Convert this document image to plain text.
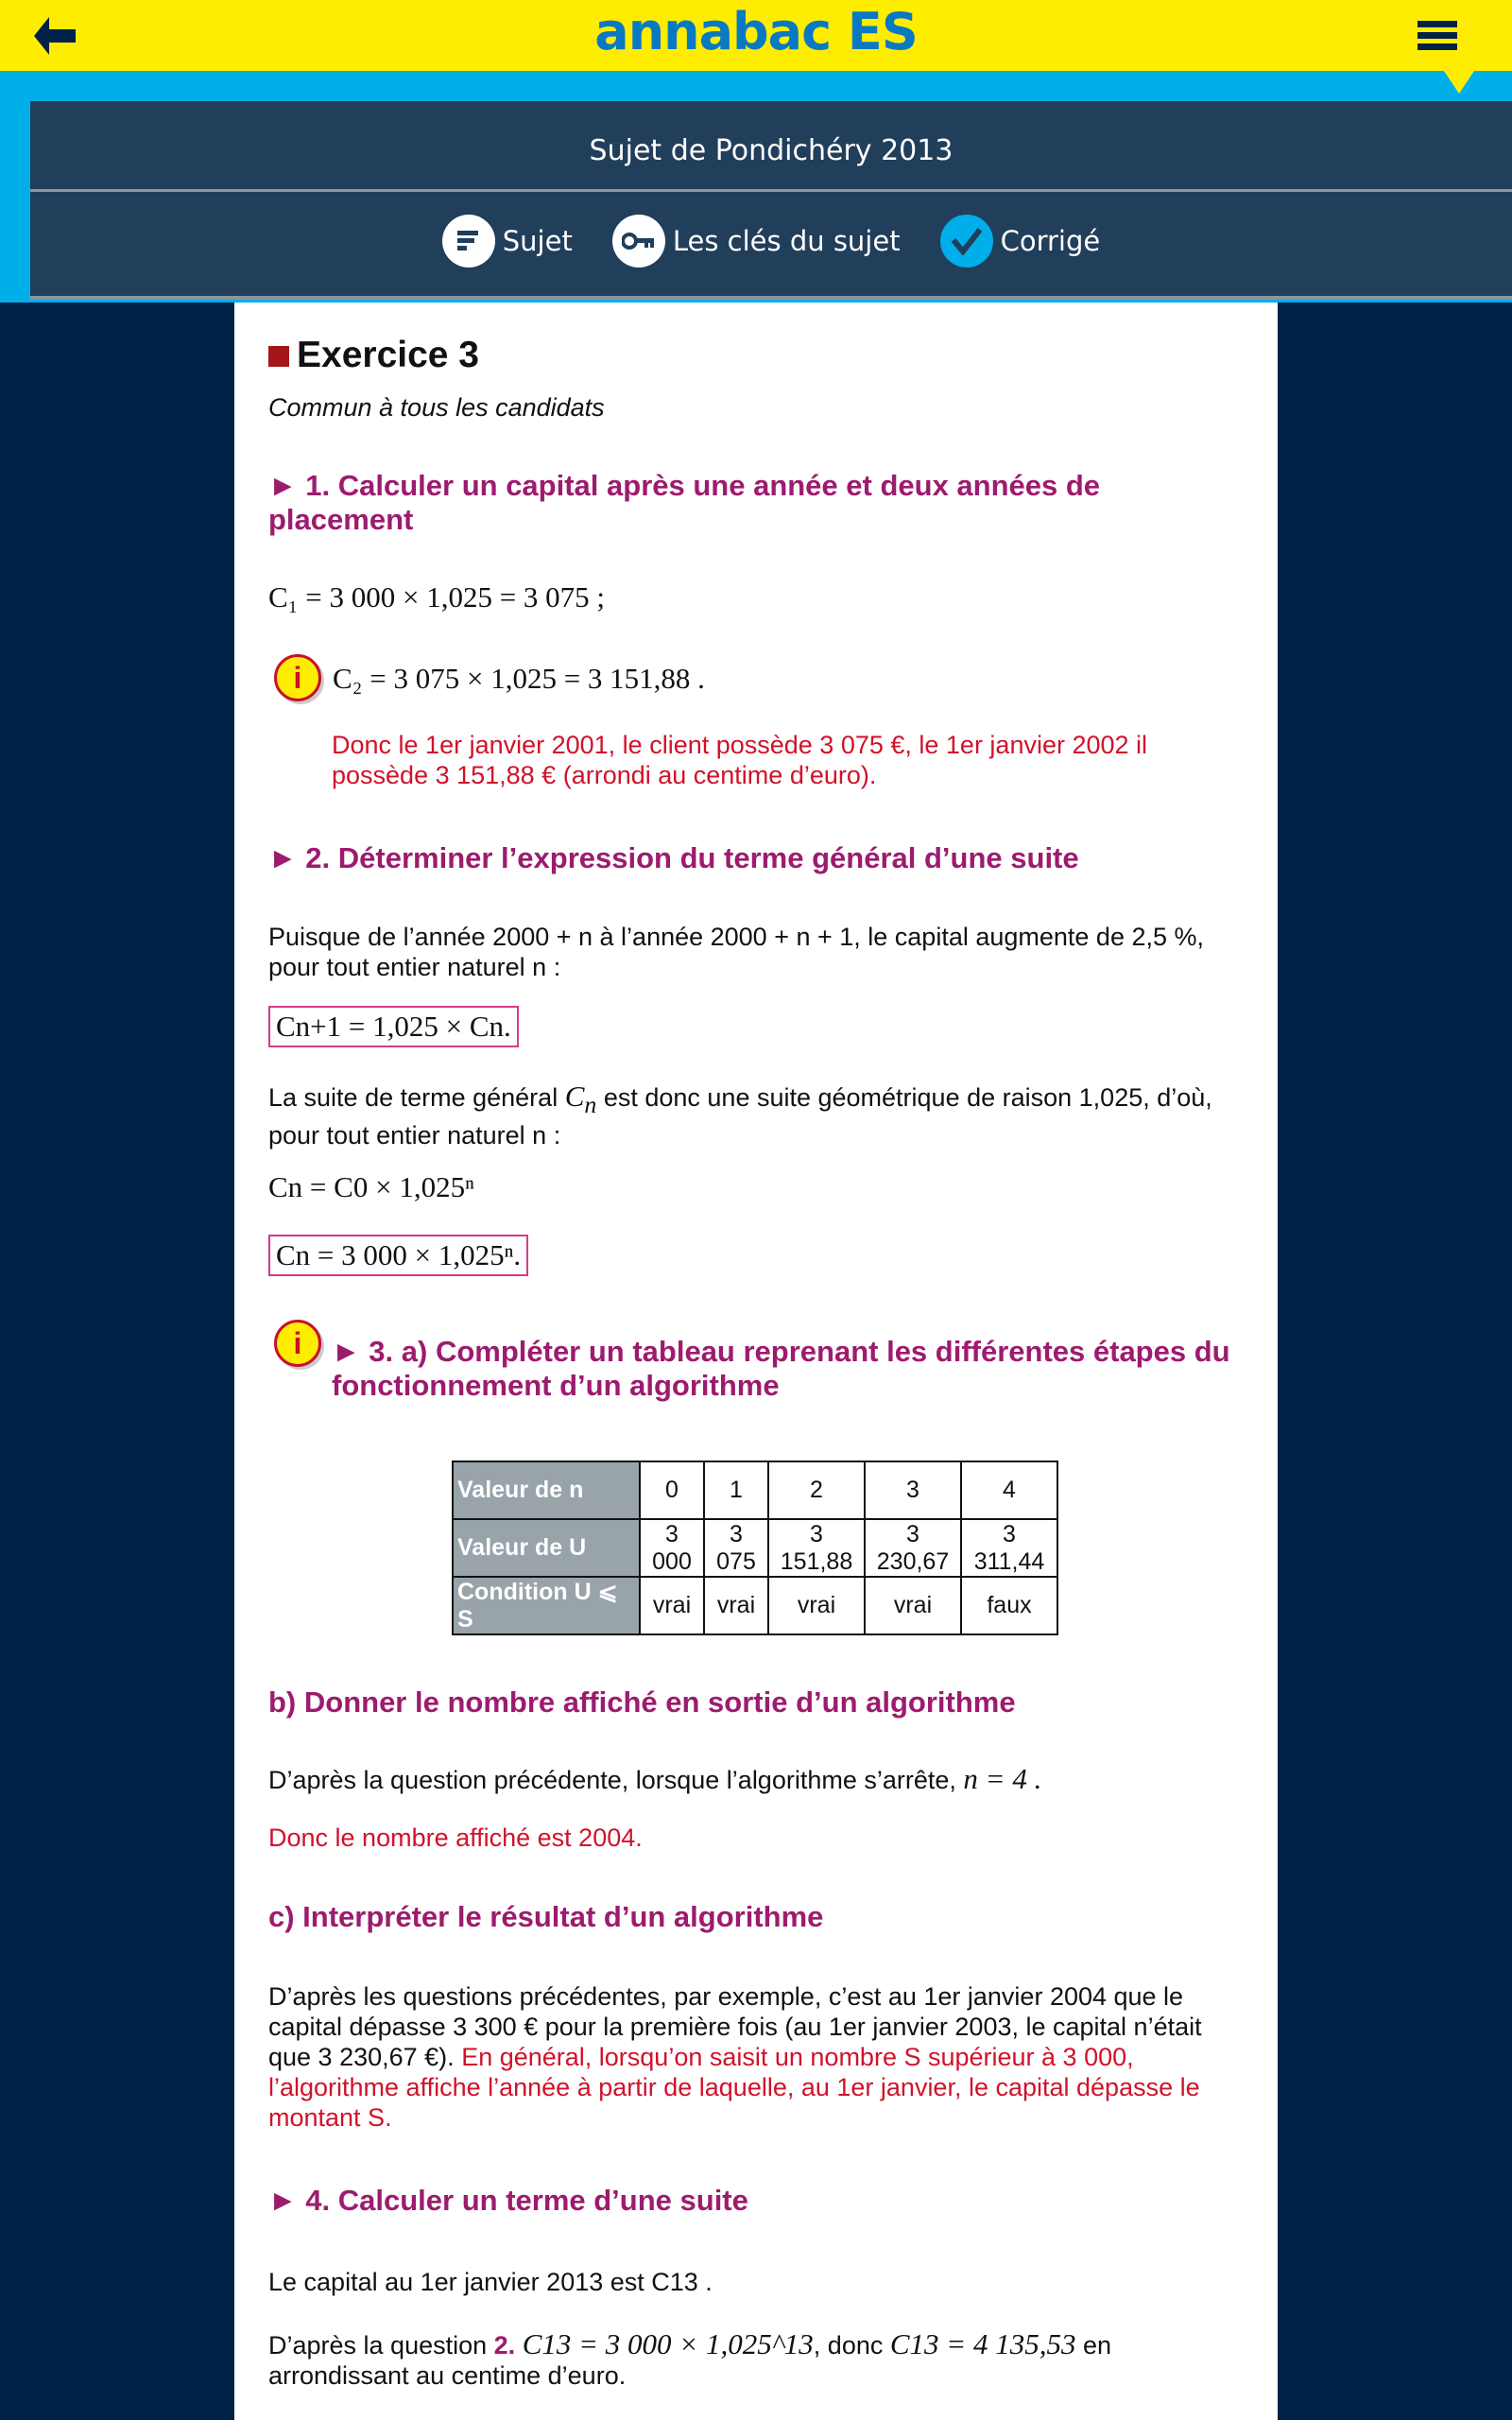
annabac ES
Sujet de Pondichéry 2013
Sujet	Les clés du sujet	Corrigé
Exercice 3
Commun à tous les candidats
► 1. Calculer un capital après une année et deux années de placement
C₁ = 3 000 × 1,025 = 3 075 ;
i	C₂ = 3 075 × 1,025 = 3 151,88 .
Donc le 1er janvier 2001, le client possède 3 075 €, le 1er janvier 2002 il possède 3 151,88 € (arrondi au centime d’euro).
► 2. Déterminer l’expression du terme général d’une suite
Puisque de l’année 2000 + n à l’année 2000 + n + 1, le capital augmente de 2,5 %, pour tout entier naturel n :
Cn+1 = 1,025 × Cn.
La suite de terme général $C_n$ est donc une suite géométrique de raison 1,025, d’où, pour tout entier naturel n :
Cn = C0 × 1,025ⁿ
Cn = 3 000 × 1,025ⁿ.
i	► 3. a) Compléter un tableau reprenant les différentes étapes du fonctionnement d’un algorithme
Valeur de n	0	1	2	3	4
Valeur de U	3 000	3 075	3 151,88	3 230,67	3 311,44
Condition U ⩽ S	vrai	vrai	vrai	vrai	faux
b) Donner le nombre affiché en sortie d’un algorithme
D’après la question précédente, lorsque l’algorithme s’arrête, n = 4 .
Donc le nombre affiché est 2004.
c) Interpréter le résultat d’un algorithme
D’après les questions précédentes, par exemple, c’est au 1er janvier 2004 que le capital dépasse 3 300 € pour la première fois (au 1er janvier 2003, le capital n’était que 3 230,67 €). En général, lorsqu’on saisit un nombre S supérieur à 3 000, l’algorithme affiche l’année à partir de laquelle, au 1er janvier, le capital dépasse le montant S.
► 4. Calculer un terme d’une suite
Le capital au 1er janvier 2013 est C13 .
D’après la question 2. C13 = 3 000 × 1,025^13, donc C13 = 4 135,53 en arrondissant au centime d’euro.
